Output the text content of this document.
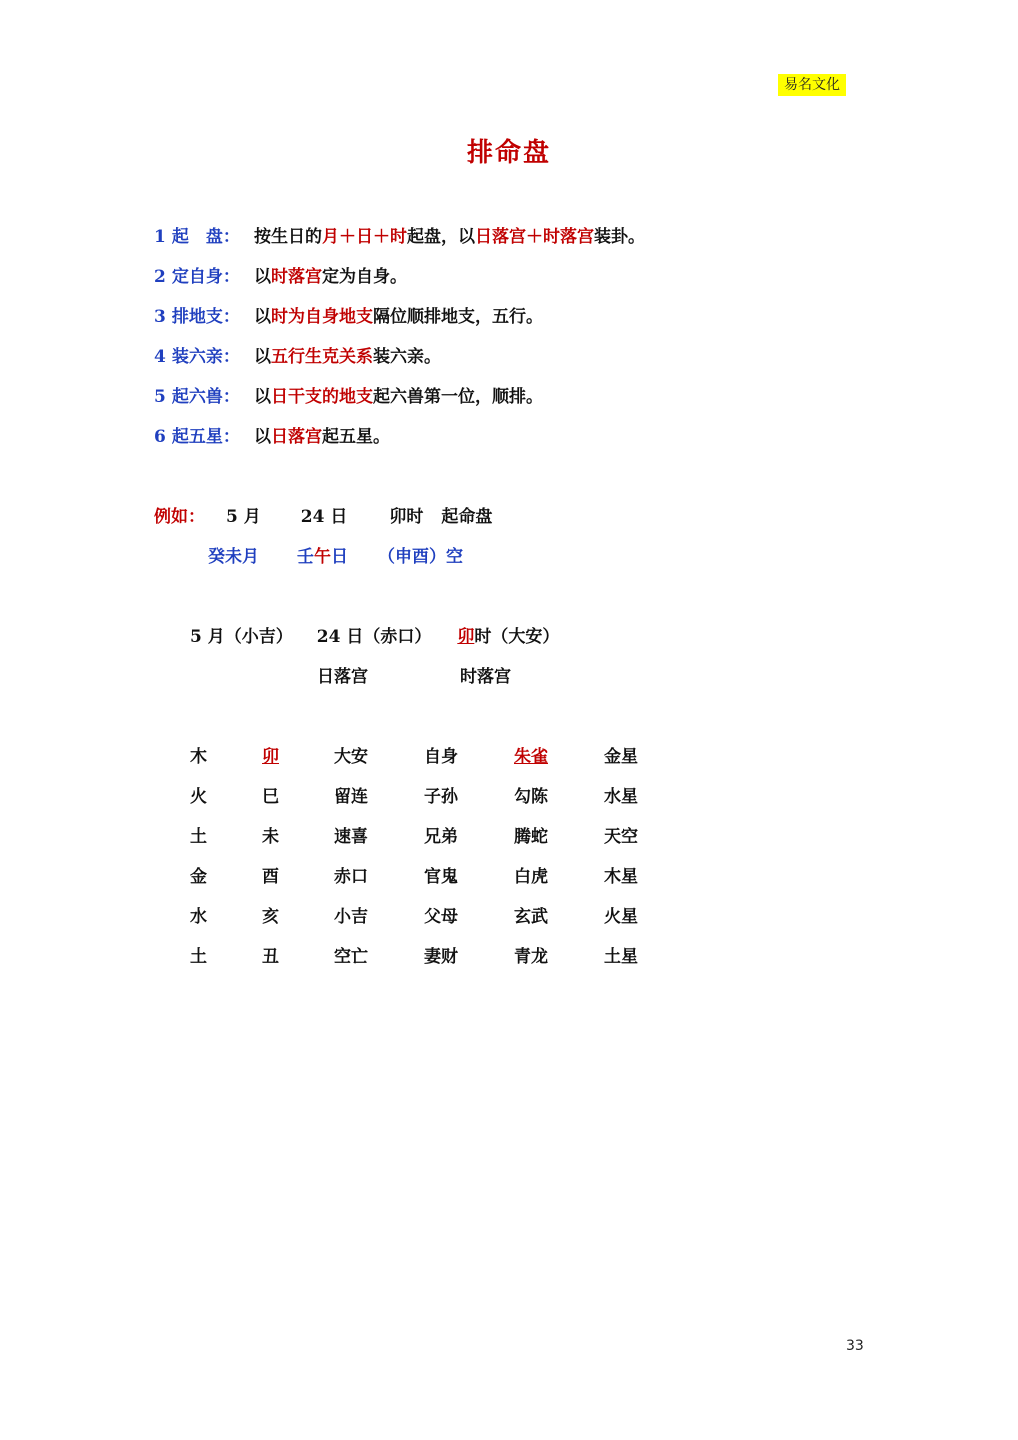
易名文化
排命盘
1 起　盘： 按生日的月＋日＋时起盘，以日落宫＋时落宫装卦。
2 定自身： 以时落宫定为自身。
3 排地支： 以时为自身地支隔位顺排地支，五行。
4 装六亲： 以五行生克关系装六亲。
5 起六兽： 以日干支的地支起六兽第一位，顺排。
6 起五星： 以日落宫起五星。
例如： 5 月 24 日 卯时 起命盘
癸未月 壬午日 （申酉）空
5 月（小吉） 24 日（赤口） 卯时（大安）
日落宫	时落宫
木	卯	大安	自身	朱雀	金星
火	巳	留连	子孙	勾陈	水星
土	未	速喜	兄弟	腾蛇	天空
金	酉	赤口	官鬼	白虎	木星
水	亥	小吉	父母	玄武	火星
土	丑	空亡	妻财	青龙	土星
33
